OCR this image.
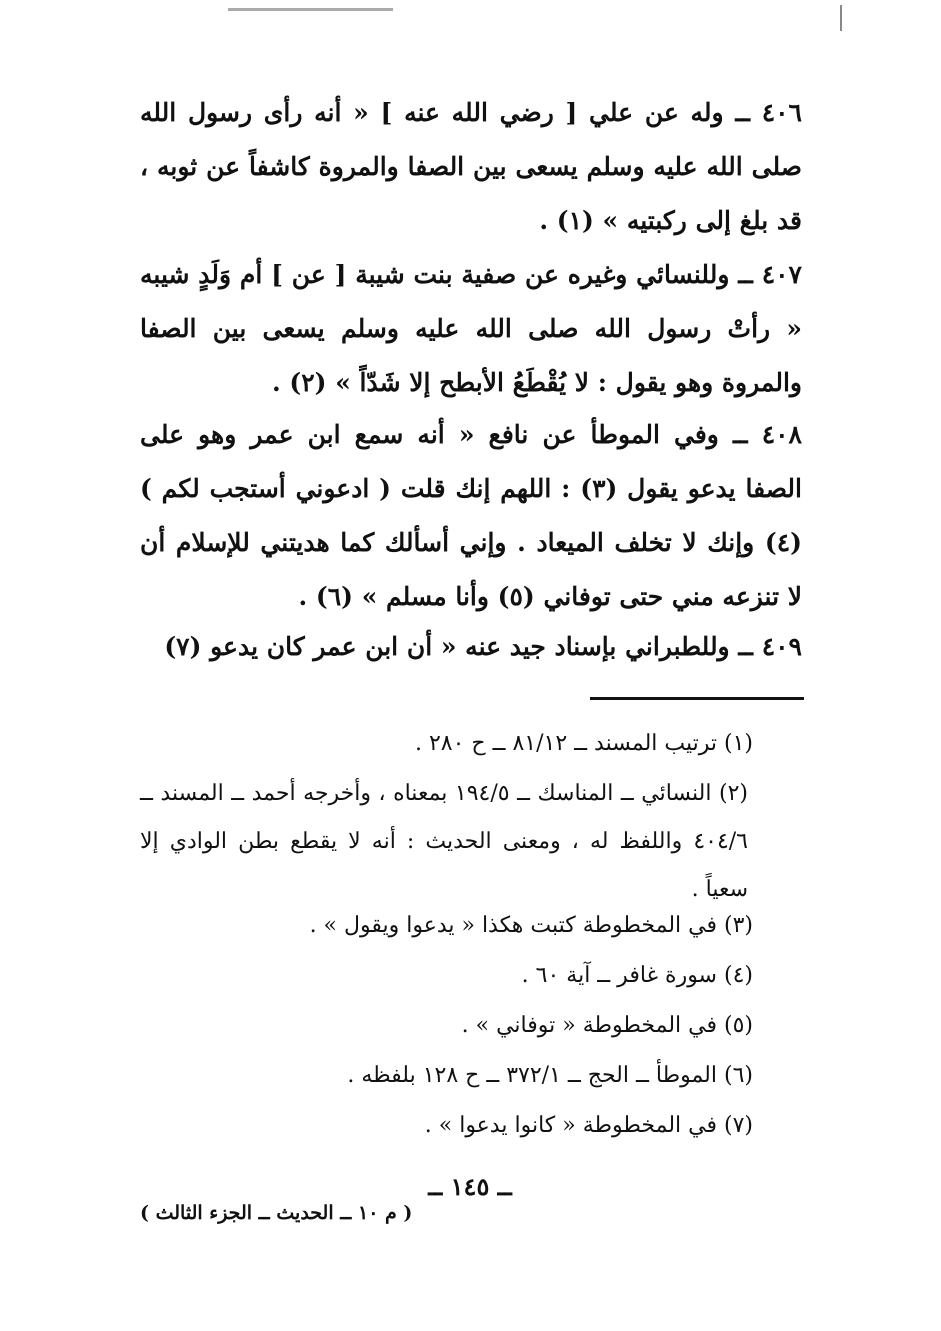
٤٠٦ ــ وله عن علي [ رضي الله عنه ] « أنه رأى رسول الله صلى الله عليه وسلم يسعى بين الصفا والمروة كاشفاً عن ثوبه ، قد بلغ إلى ركبتيه » (١) .

٤٠٧ ــ وللنسائي وغيره عن صفية بنت شيبة [ عن ] أم وَلَدٍ شيبه « رأتْ رسول الله صلى الله عليه وسلم يسعى بين الصفا والمروة وهو يقول : لا يُقْطَعُ الأبطح إلا شَدّاً » (٢) .

٤٠٨ ــ وفي الموطأ عن نافع « أنه سمع ابن عمر وهو على الصفا يدعو يقول (٣) : اللهم إنك قلت ( ادعوني أستجب لكم ) (٤) وإنك لا تخلف الميعاد . وإني أسألك كما هديتني للإسلام أن لا تنزعه مني حتى توفاني (٥) وأنا مسلم » (٦) .

٤٠٩ ــ وللطبراني بإسناد جيد عنه « أن ابن عمر كان يدعو (٧)

(١) ترتيب المسند ــ ٨١/١٢ ــ ح ٢٨٠ .
(٢) النسائي ــ المناسك ــ ١٩٤/٥ بمعناه ، وأخرجه أحمد ــ المسند ــ ٤٠٤/٦ واللفظ له ، ومعنى الحديث : أنه لا يقطع بطن الوادي إلا سعياً .
(٣) في المخطوطة كتبت هكذا « يدعوا ويقول » .
(٤) سورة غافر ــ آية ٦٠ .
(٥) في المخطوطة « توفاني » .
(٦) الموطأ ــ الحج ــ ٣٧٢/١ ــ ح ١٢٨ بلفظه .
(٧) في المخطوطة « كانوا يدعوا » .
ــ ١٤٥ ــ
( م ١٠ ــ الحديث ــ الجزء الثالث )
